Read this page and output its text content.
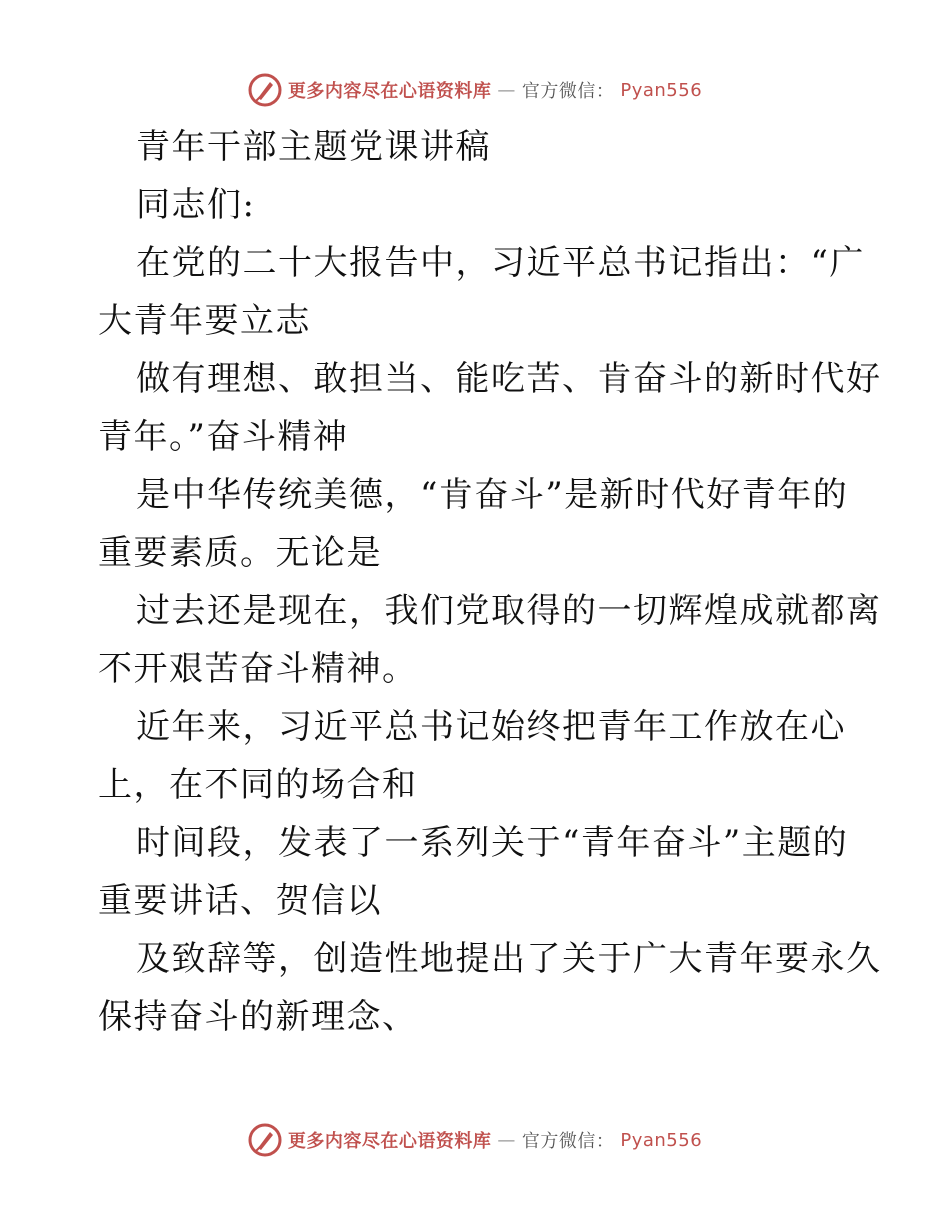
更多内容尽在心语资料库 — 官方微信： Pyan556

青年干部主题党课讲稿

同志们:

在党的二十大报告中，习近平总书记指出：“广
大青年要立志

做有理想、敢担当、能吃苦、肯奋斗的新时代好
青年。”奋斗精神

是中华传统美德，“肯奋斗”是新时代好青年的
重要素质。无论是

过去还是现在，我们党取得的一切辉煌成就都离
不开艰苦奋斗精神。

近年来，习近平总书记始终把青年工作放在心
上，在不同的场合和

时间段，发表了一系列关于“青年奋斗”主题的
重要讲话、贺信以

及致辞等，创造性地提出了关于广大青年要永久
保持奋斗的新理念、

更多内容尽在心语资料库 — 官方微信： Pyan556
